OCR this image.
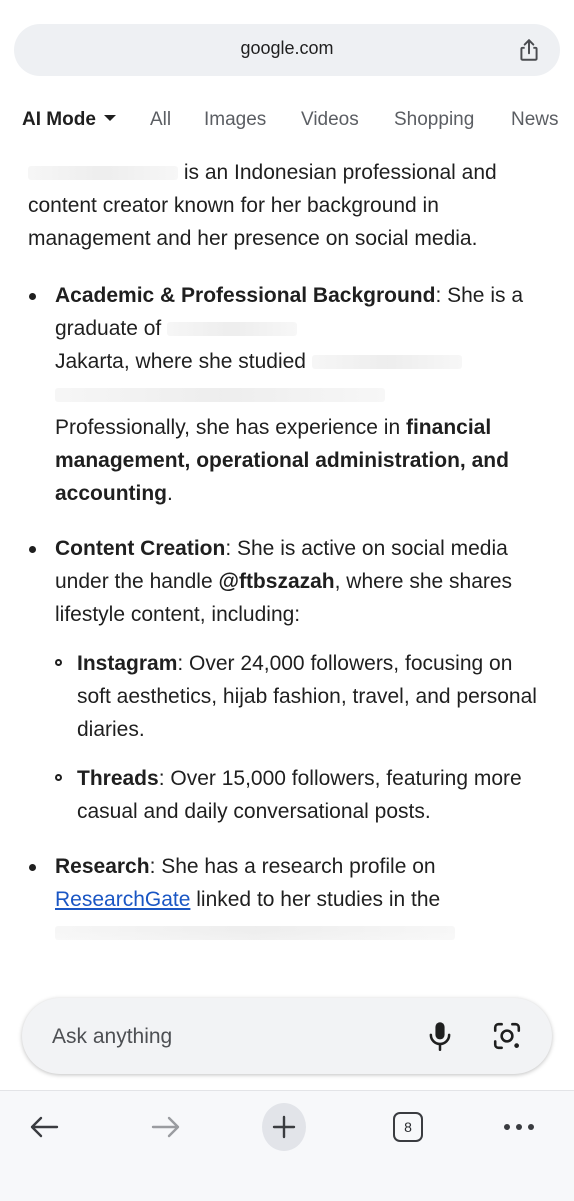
google.com
AI Mode	All Images Videos Shopping News

is an Indonesian professional and content creator known for her background in management and her presence on social media.

Academic & Professional Background: She is a graduate of
Jakarta, where she studied

Professionally, she has experience in financial management, operational administration, and accounting.
Content Creation: She is active on social media under the handle @ftbszazah, where she shares lifestyle content, including:
Instagram: Over 24,000 followers, focusing on soft aesthetics, hijab fashion, travel, and personal diaries.
Threads: Over 15,000 followers, featuring more casual and daily conversational posts.
Research: She has a research profile on ResearchGate linked to her studies in the

Ask anything
8
